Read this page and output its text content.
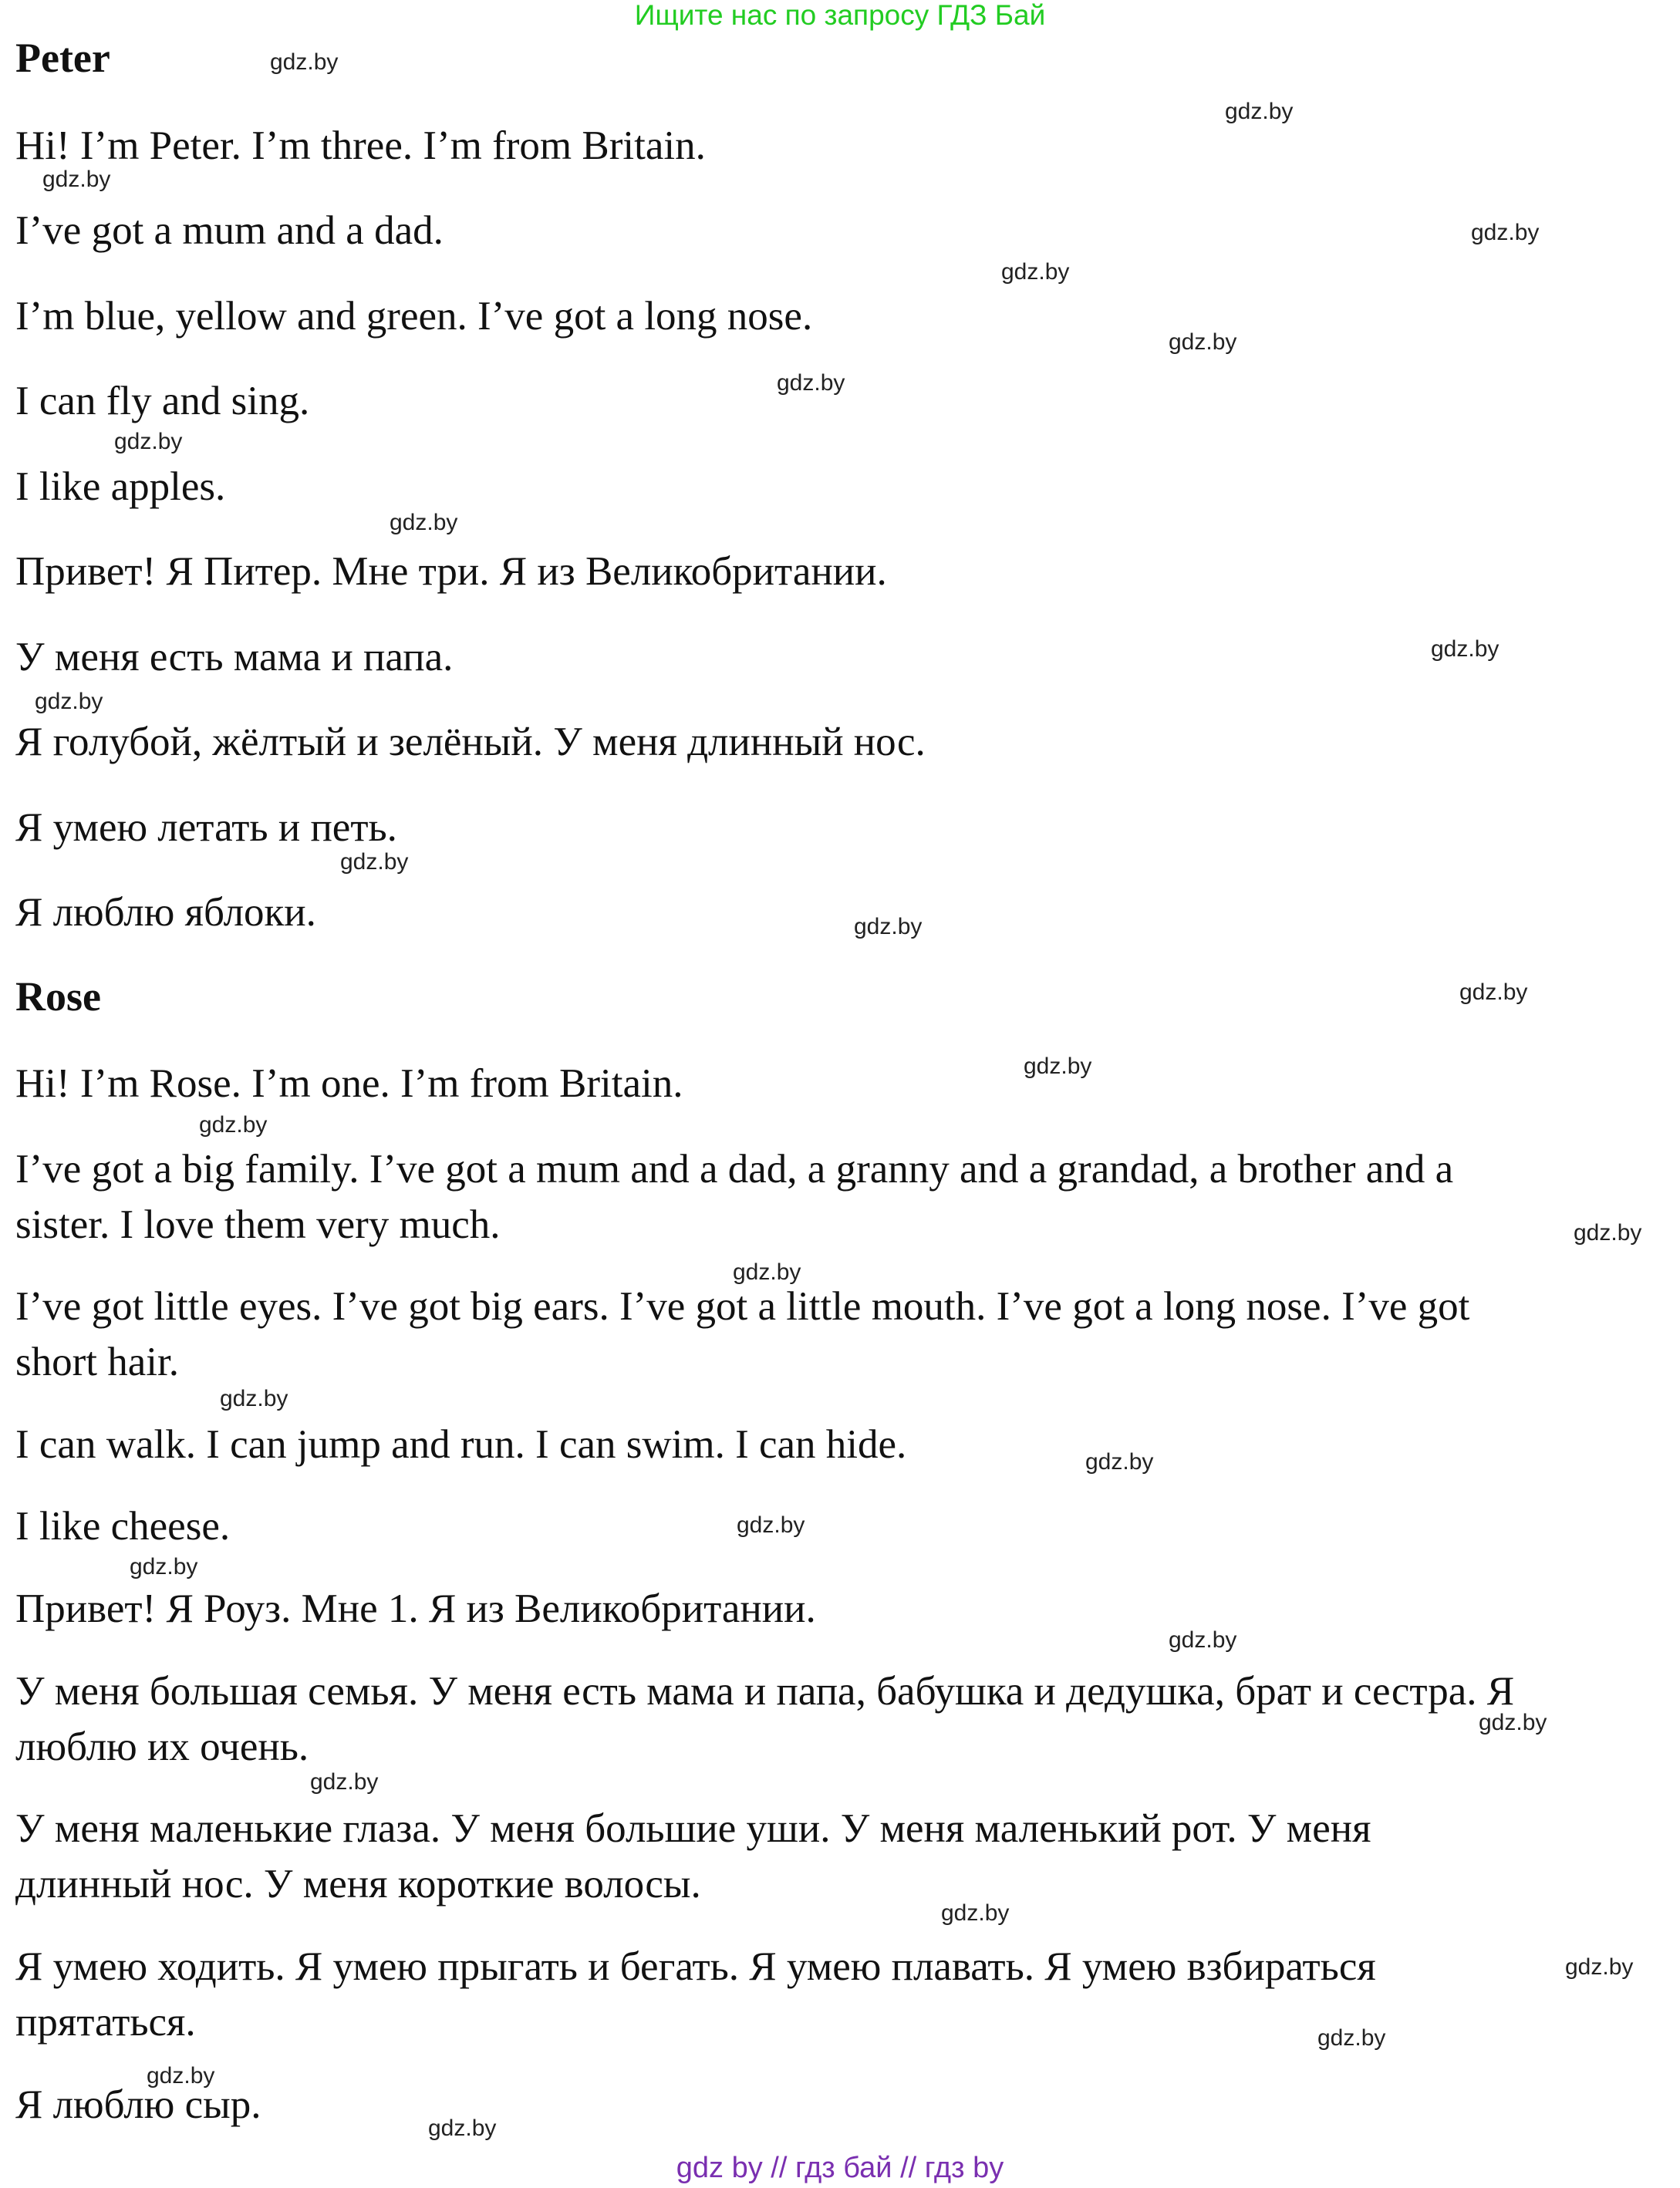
Ищите нас по запросу ГДЗ Бай
Peter
Hi! I’m Peter. I’m three. I’m from Britain.
I’ve got a mum and a dad.
I’m blue, yellow and green. I’ve got a long nose.
I can fly and sing.
I like apples.
Привет! Я Питер. Мне три. Я из Великобритании.
У меня есть мама и папа.
Я голубой, жёлтый и зелёный. У меня длинный нос.
Я умею летать и петь.
Я люблю яблоки.
Rose
Hi! I’m Rose. I’m one. I’m from Britain.
I’ve got a big family. I’ve got a mum and a dad, a granny and a grandad, a brother and a
sister. I love them very much.
I’ve got little eyes. I’ve got big ears. I’ve got a little mouth. I’ve got a long nose. I’ve got
short hair.
I can walk. I can jump and run. I can swim. I can hide.
I like cheese.
Привет! Я Роуз. Мне 1. Я из Великобритании.
У меня большая семья. У меня есть мама и папа, бабушка и дедушка, брат и сестра. Я
люблю их очень.
У меня маленькие глаза. У меня большие уши. У меня маленький рот. У меня
длинный нос. У меня короткие волосы.
Я умею ходить. Я умею прыгать и бегать. Я умею плавать. Я умею взбираться
прятаться.
Я люблю сыр.
gdz.by
gdz.by
gdz.by
gdz.by
gdz.by
gdz.by
gdz.by
gdz.by
gdz.by
gdz.by
gdz.by
gdz.by
gdz.by
gdz.by
gdz.by
gdz.by
gdz.by
gdz.by
gdz.by
gdz.by
gdz.by
gdz.by
gdz.by
gdz.by
gdz.by
gdz.by
gdz.by
gdz.by
gdz.by
gdz.by
gdz by // гдз бай // гдз by
